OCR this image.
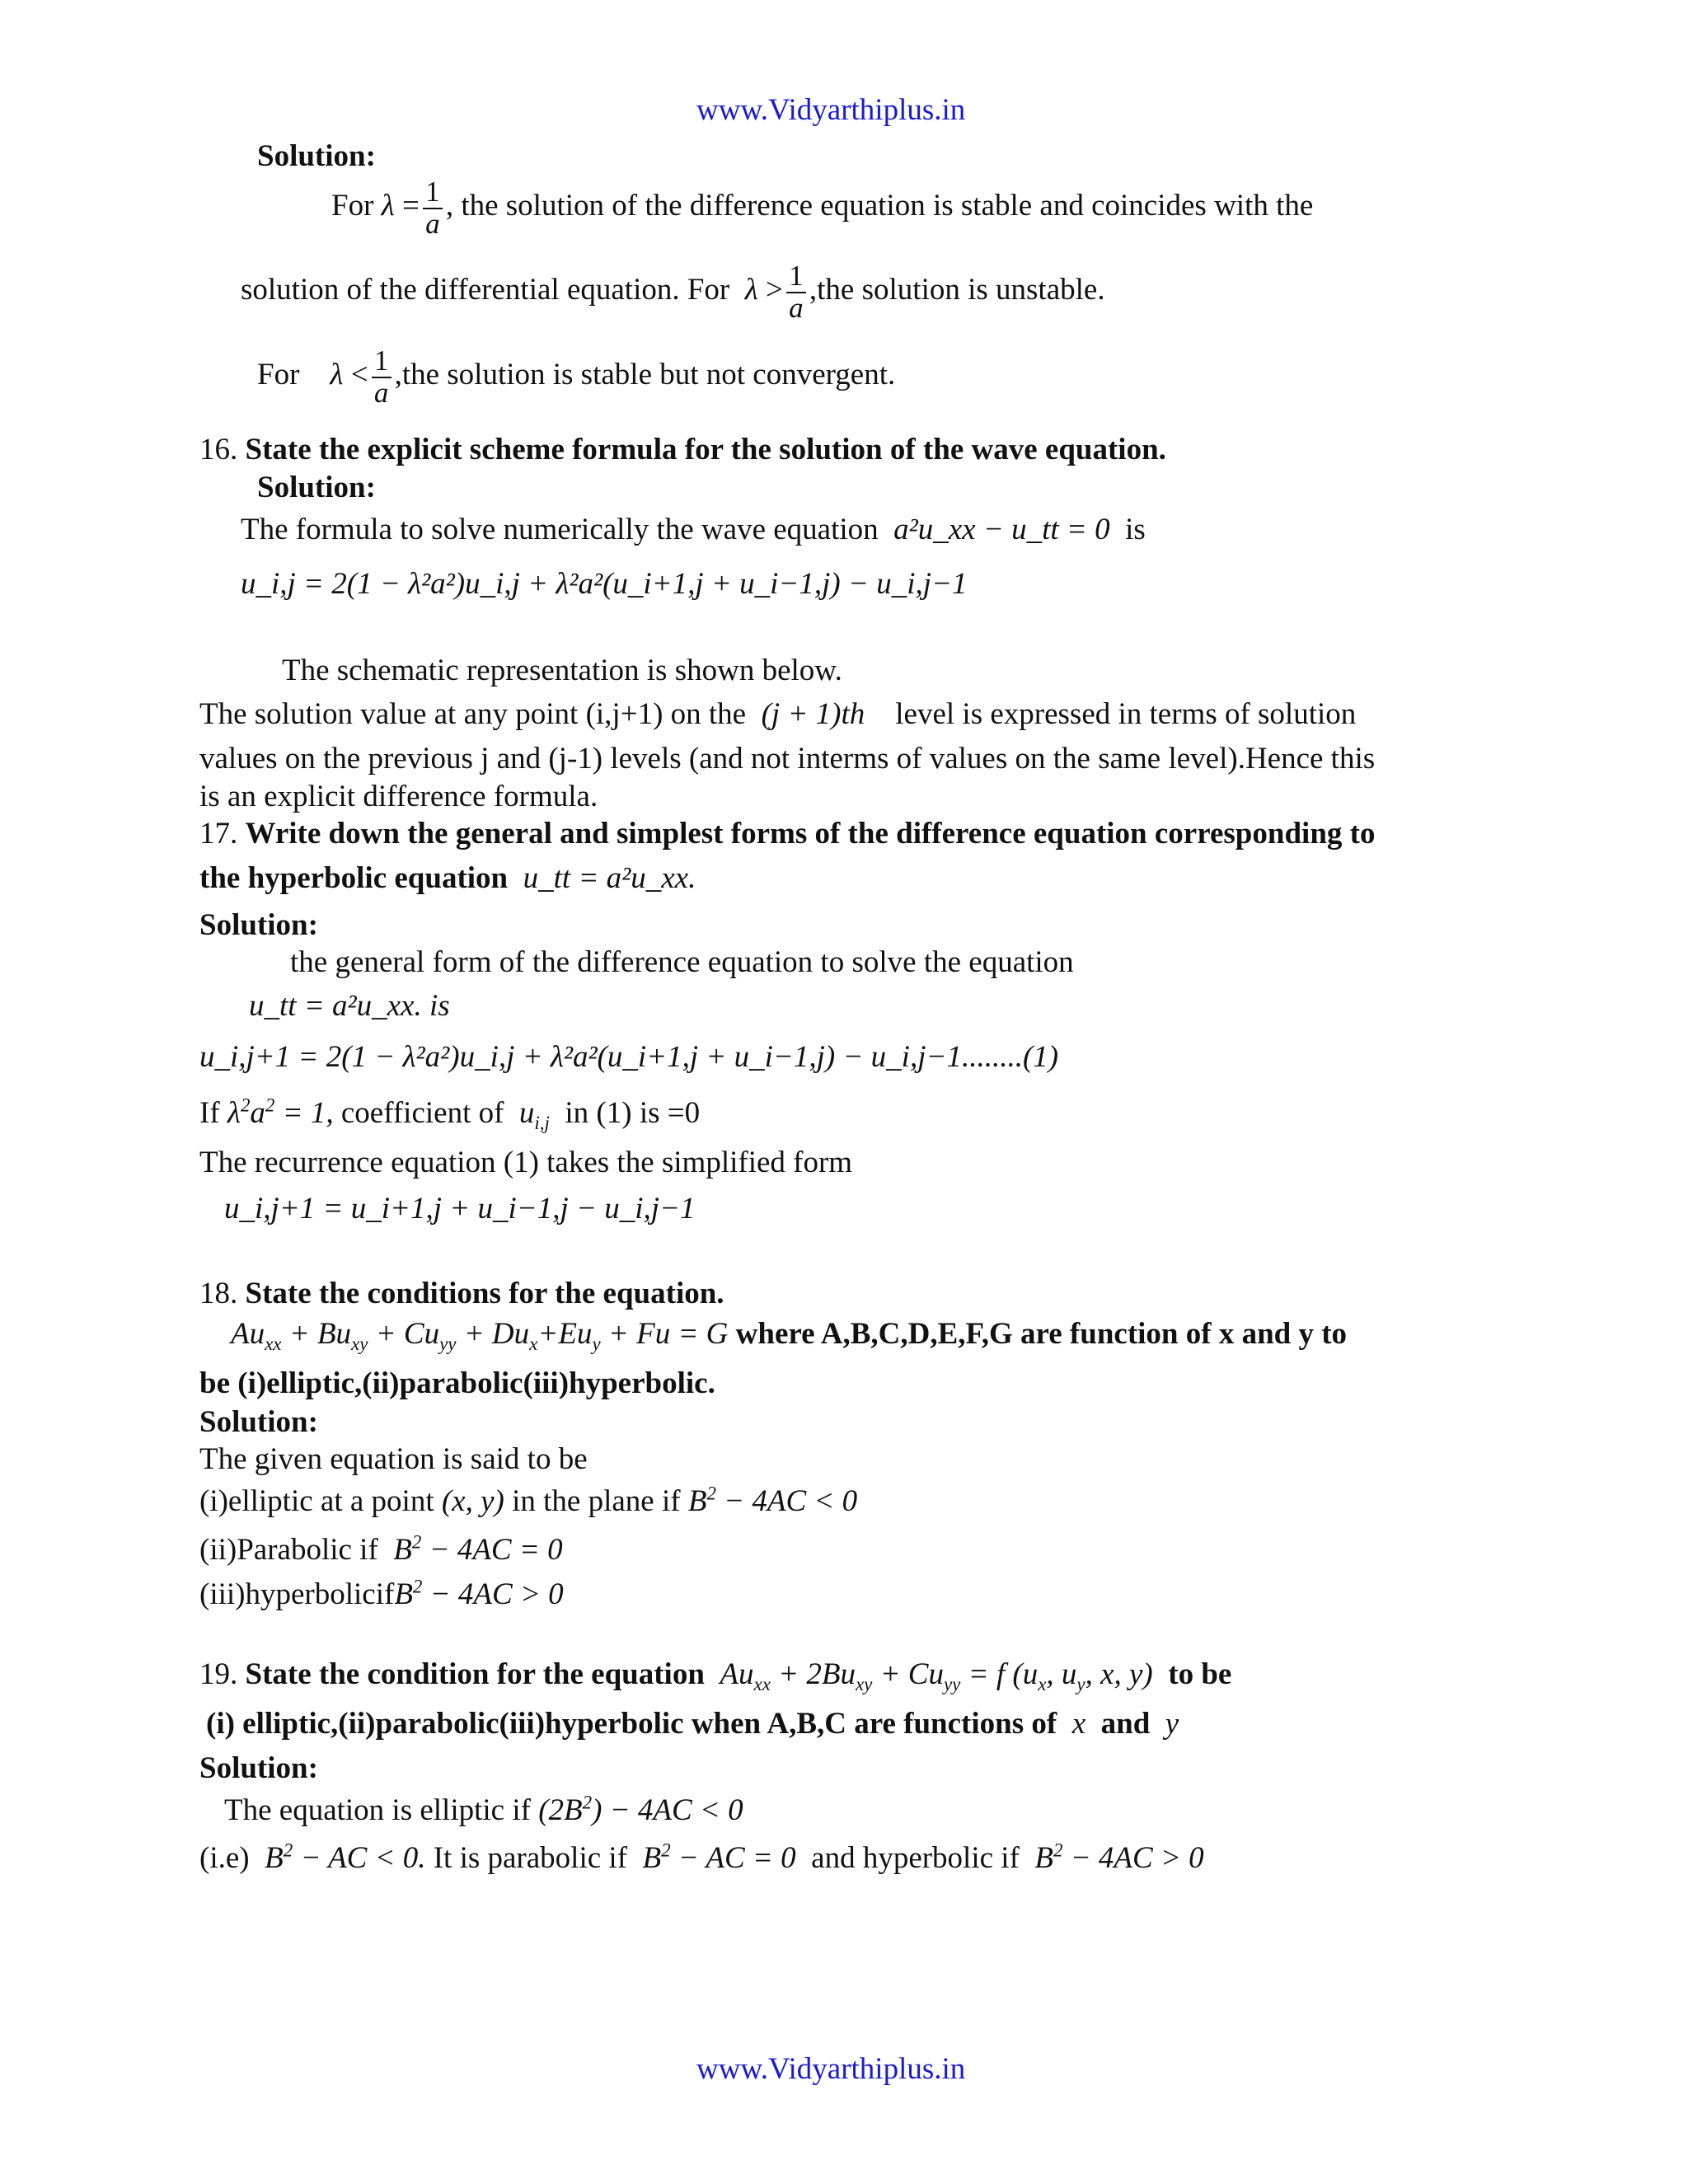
www.Vidyarthiplus.in
Solution:
For $\lambda = \frac{1}{a}$ , the solution of the difference equation is stable and coincides with the
solution of the differential equation. For $\lambda > \frac{1}{a} ,the$ solution is unstable.
For $\lambda < \frac{1}{a} ,the$ solution is stable but not convergent.
16. State the explicit scheme formula for the solution of the wave equation.
Solution:
The formula to solve numerically the wave equation a²u_xx − u_tt = 0 is
u_i,j = 2(1 − λ²a²)u_i,j + λ²a²(u_i+1,j + u_i−1,j) − u_i,j−1
The schematic representation is shown below.
The solution value at any point (i,j+1) on the (j + 1)th level is expressed in terms of solution
values on the previous j and (j-1) levels (and not interms of values on the same level).Hence this
is an explicit difference formula.
17. Write down the general and simplest forms of the difference equation corresponding to
the hyperbolic equation u_tt = a²u_xx.
Solution:
the general form of the difference equation to solve the equation
u_tt = a²u_xx. is
u_i,j+1 = 2(1 − λ²a²)u_i,j + λ²a²(u_i+1,j + u_i−1,j) − u_i,j−1........(1)
If $\lambda^2a^2 = 1$, coefficient of $u_{i,j}$ in (1) is =0
The recurrence equation (1) takes the simplified form
u_i,j+1 = u_i+1,j + u_i−1,j − u_i,j−1
18. State the conditions for the equation.
$Au_{xx} + Bu_{xy} + Cu_{yy} + Du_x+Eu_y + Fu = G$ where A,B,C,D,E,F,G are function of x and y to
be (i)elliptic,(ii)parabolic(iii)hyperbolic.
Solution:
The given equation is said to be
(i)elliptic at a point (x, y) in the plane if $B^2 - 4AC < 0$
(ii)Parabolic if $B^2 - 4AC = 0$
(iii)hyperbolicifB$^2$ − 4AC > 0
19. State the condition for the equation $Au_{xx} + 2Bu_{xy} + Cu_{yy} = f$ ($u_x$, $u_y$, x, y) to be
(i) elliptic,(ii)parabolic(iii)hyperbolic when A,B,C are functions of x and y
Solution:
The equation is elliptic if $(2B^2) - 4AC < 0$
(i.e) $B^2$ − AC < 0. It is parabolic if $B^2$ − AC = 0 and hyperbolic if $B^2 - 4AC > 0$
www.Vidyarthiplus.in
